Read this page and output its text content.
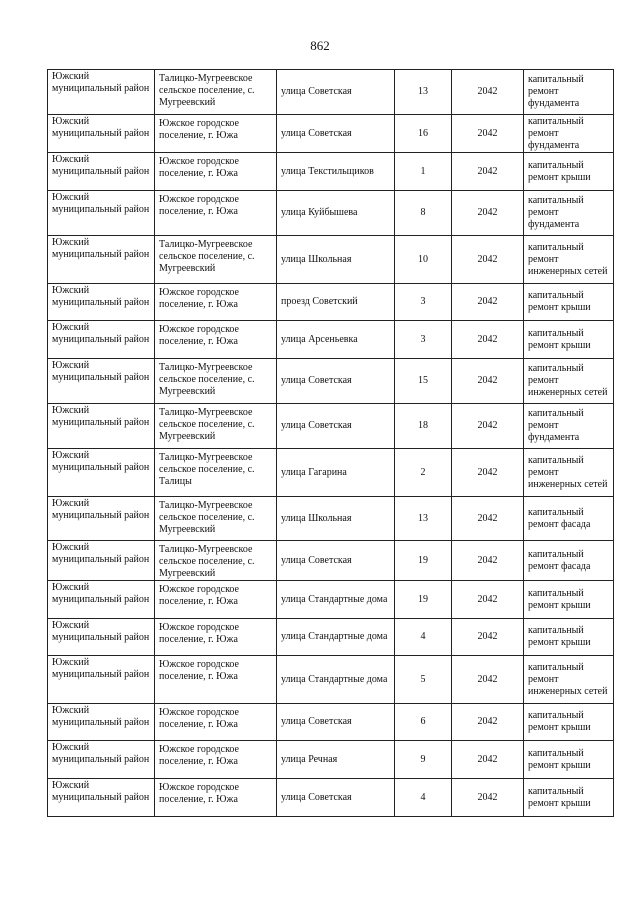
862
Южский муниципальный район	Талицко-Мугреевское сельское поселение, с. Мугреевский	улица Советская	13	2042	капитальный ремонт фундамента
Южский муниципальный район	Южское городское поселение, г. Южа	улица Советская	16	2042	капитальный ремонт фундамента
Южский муниципальный район	Южское городское поселение, г. Южа	улица Текстильщиков	1	2042	капитальный ремонт крыши
Южский муниципальный район	Южское городское поселение, г. Южа	улица Куйбышева	8	2042	капитальный ремонт фундамента
Южский муниципальный район	Талицко-Мугреевское сельское поселение, с. Мугреевский	улица Школьная	10	2042	капитальный ремонт инженерных сетей
Южский муниципальный район	Южское городское поселение, г. Южа	проезд Советский	3	2042	капитальный ремонт крыши
Южский муниципальный район	Южское городское поселение, г. Южа	улица Арсеньевка	3	2042	капитальный ремонт крыши
Южский муниципальный район	Талицко-Мугреевское сельское поселение, с. Мугреевский	улица Советская	15	2042	капитальный ремонт инженерных сетей
Южский муниципальный район	Талицко-Мугреевское сельское поселение, с. Мугреевский	улица Советская	18	2042	капитальный ремонт фундамента
Южский муниципальный район	Талицко-Мугреевское сельское поселение, с. Талицы	улица Гагарина	2	2042	капитальный ремонт инженерных сетей
Южский муниципальный район	Талицко-Мугреевское сельское поселение, с. Мугреевский	улица Школьная	13	2042	капитальный ремонт фасада
Южский муниципальный район	Талицко-Мугреевское сельское поселение, с. Мугреевский	улица Советская	19	2042	капитальный ремонт фасада
Южский муниципальный район	Южское городское поселение, г. Южа	улица Стандартные дома	19	2042	капитальный ремонт крыши
Южский муниципальный район	Южское городское поселение, г. Южа	улица Стандартные дома	4	2042	капитальный ремонт крыши
Южский муниципальный район	Южское городское поселение, г. Южа	улица Стандартные дома	5	2042	капитальный ремонт инженерных сетей
Южский муниципальный район	Южское городское поселение, г. Южа	улица Советская	6	2042	капитальный ремонт крыши
Южский муниципальный район	Южское городское поселение, г. Южа	улица Речная	9	2042	капитальный ремонт крыши
Южский муниципальный район	Южское городское поселение, г. Южа	улица Советская	4	2042	капитальный ремонт крыши
